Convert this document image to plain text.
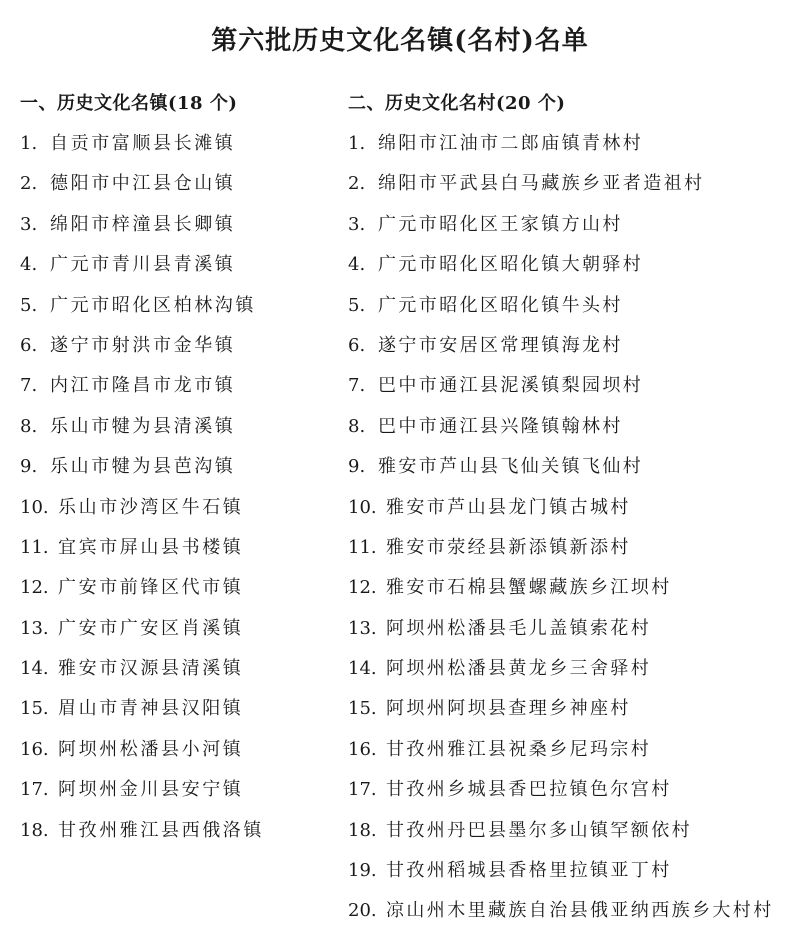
第六批历史文化名镇(名村)名单
一、历史文化名镇(18 个)
1. 自贡市富顺县长滩镇
2. 德阳市中江县仓山镇
3. 绵阳市梓潼县长卿镇
4. 广元市青川县青溪镇
5. 广元市昭化区柏林沟镇
6. 遂宁市射洪市金华镇
7. 内江市隆昌市龙市镇
8. 乐山市犍为县清溪镇
9. 乐山市犍为县芭沟镇
10. 乐山市沙湾区牛石镇
11. 宜宾市屏山县书楼镇
12. 广安市前锋区代市镇
13. 广安市广安区肖溪镇
14. 雅安市汉源县清溪镇
15. 眉山市青神县汉阳镇
16. 阿坝州松潘县小河镇
17. 阿坝州金川县安宁镇
18. 甘孜州雅江县西俄洛镇
二、历史文化名村(20 个)
1. 绵阳市江油市二郎庙镇青林村
2. 绵阳市平武县白马藏族乡亚者造祖村
3. 广元市昭化区王家镇方山村
4. 广元市昭化区昭化镇大朝驿村
5. 广元市昭化区昭化镇牛头村
6. 遂宁市安居区常理镇海龙村
7. 巴中市通江县泥溪镇梨园坝村
8. 巴中市通江县兴隆镇翰林村
9. 雅安市芦山县飞仙关镇飞仙村
10. 雅安市芦山县龙门镇古城村
11. 雅安市荥经县新添镇新添村
12. 雅安市石棉县蟹螺藏族乡江坝村
13. 阿坝州松潘县毛儿盖镇索花村
14. 阿坝州松潘县黄龙乡三舍驿村
15. 阿坝州阿坝县查理乡神座村
16. 甘孜州雅江县祝桑乡尼玛宗村
17. 甘孜州乡城县香巴拉镇色尔宫村
18. 甘孜州丹巴县墨尔多山镇罕额依村
19. 甘孜州稻城县香格里拉镇亚丁村
20. 凉山州木里藏族自治县俄亚纳西族乡大村村
